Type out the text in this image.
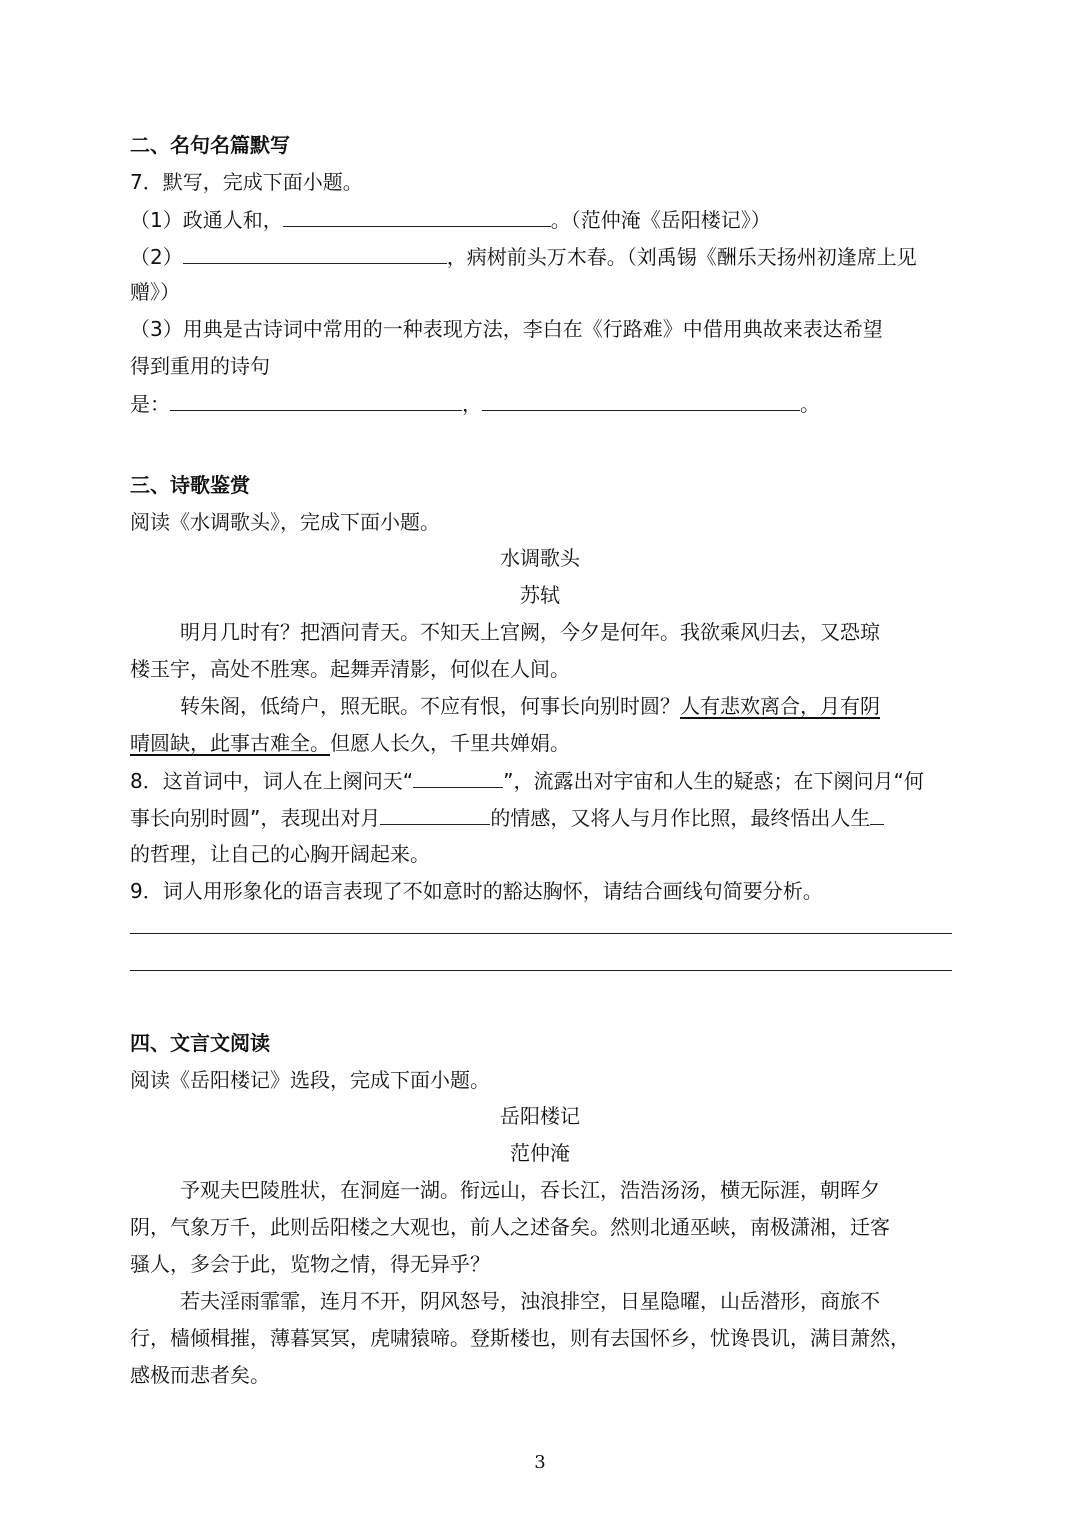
二、名句名篇默写
7．默写，完成下面小题。
（1）政通人和，	。（范仲淹《岳阳楼记》）
（2）	，病树前头万木春。（刘禹锡《酬乐天扬州初逢席上见
赠》）
（3）用典是古诗词中常用的一种表现方法，李白在《行路难》中借用典故来表达希望
得到重用的诗句
是：	，	。
三、诗歌鉴赏
阅读《水调歌头》，完成下面小题。
水调歌头
苏轼
明月几时有？把酒问青天。不知天上宫阙，今夕是何年。我欲乘风归去，又恐琼
楼玉宇，高处不胜寒。起舞弄清影，何似在人间。
转朱阁，低绮户，照无眠。不应有恨，何事长向别时圆？人有悲欢离合，月有阴
晴圆缺，此事古难全。但愿人长久，千里共婵娟。
8．这首词中，词人在上阕问天“	”，流露出对宇宙和人生的疑惑；在下阕问月“何
事长向别时圆”，表现出对月	的情感，又将人与月作比照，最终悟出人生
的哲理，让自己的心胸开阔起来。
9．词人用形象化的语言表现了不如意时的豁达胸怀，请结合画线句简要分析。
四、文言文阅读
阅读《岳阳楼记》选段，完成下面小题。
岳阳楼记
范仲淹
予观夫巴陵胜状，在洞庭一湖。衔远山，吞长江，浩浩汤汤，横无际涯，朝晖夕
阴，气象万千，此则岳阳楼之大观也，前人之述备矣。然则北通巫峡，南极潇湘，迁客
骚人，多会于此，览物之情，得无异乎？
若夫淫雨霏霏，连月不开，阴风怒号，浊浪排空，日星隐曜，山岳潜形，商旅不
行，樯倾楫摧，薄暮冥冥，虎啸猿啼。登斯楼也，则有去国怀乡，忧谗畏讥，满目萧然，
感极而悲者矣。
3
